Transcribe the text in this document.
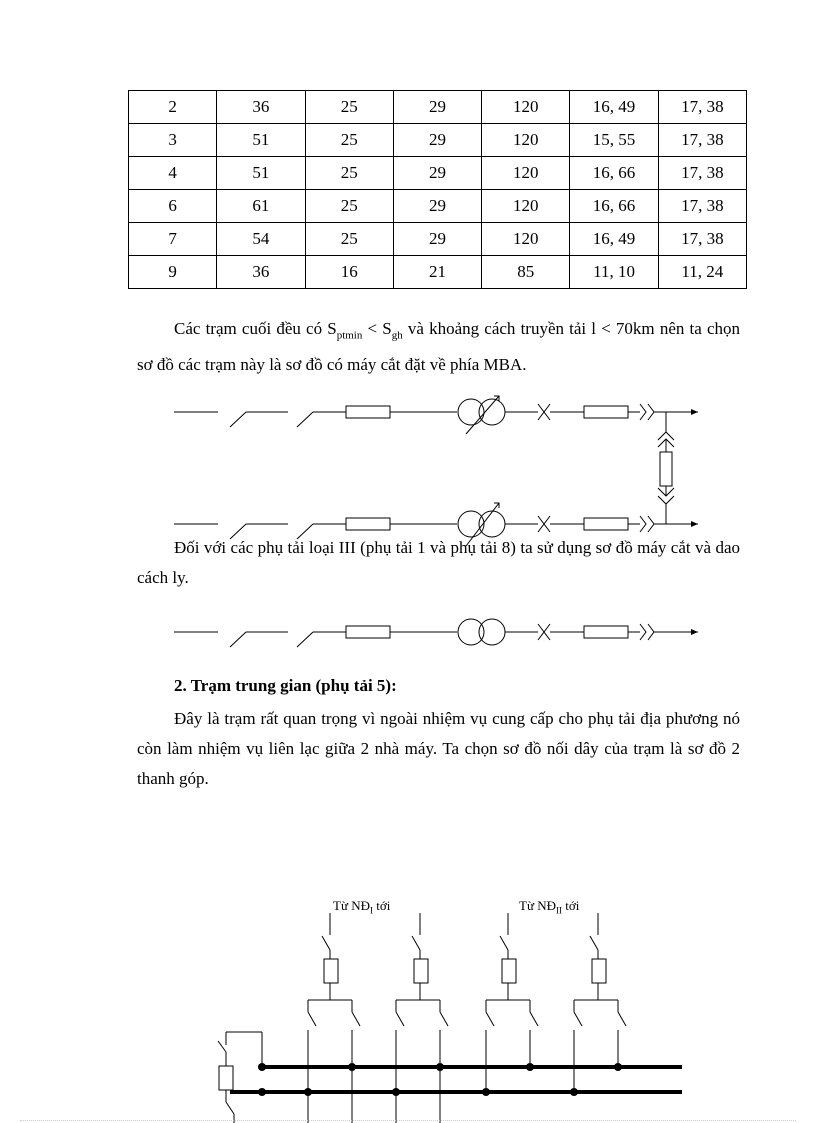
2	36	25	29	120	16, 49	17, 38
3	51	25	29	120	15, 55	17, 38
4	51	25	29	120	16, 66	17, 38
6	61	25	29	120	16, 66	17, 38
7	54	25	29	120	16, 49	17, 38
9	36	16	21	85	11, 10	11, 24
Các trạm cuối đều có $S_{ptmin} < S_{gh}$ và khoảng cách truyền tải l < 70km nên ta chọn sơ đồ các trạm này là sơ đồ có máy cắt đặt về phía MBA.
Đối với các phụ tải loại III (phụ tải 1 và phụ tải 8) ta sử dụng sơ đồ máy cắt và dao cách ly.
2. Trạm trung gian (phụ tải 5):
Đây là trạm rất quan trọng vì ngoài nhiệm vụ cung cấp cho phụ tải địa phương nó còn làm nhiệm vụ liên lạc giữa 2 nhà máy. Ta chọn sơ đồ nối dây của trạm là sơ đồ 2 thanh góp.
Từ $NĐ_I$ tới	Từ $NĐ_{II}$ tới
